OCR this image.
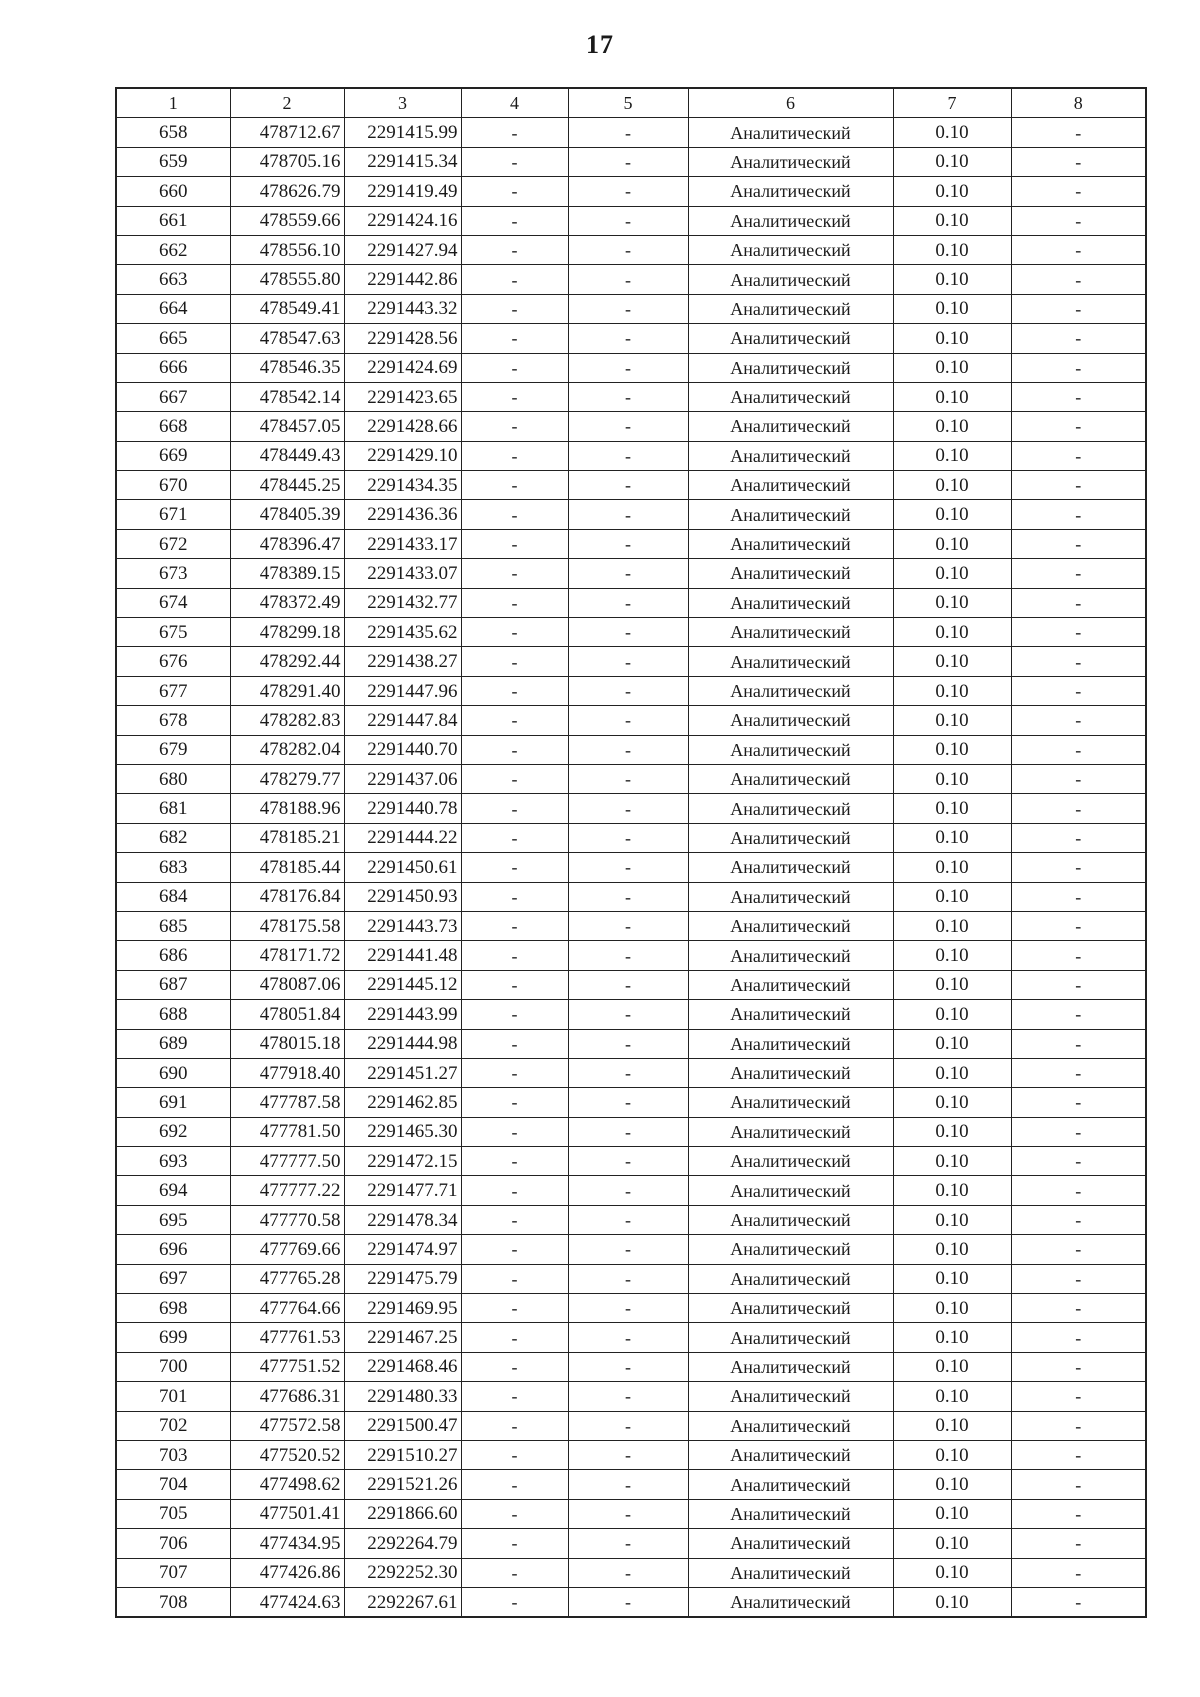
17
1	2	3	4	5	6	7	8
658	478712.67	2291415.99	-	-	Аналитический	0.10	-
659	478705.16	2291415.34	-	-	Аналитический	0.10	-
660	478626.79	2291419.49	-	-	Аналитический	0.10	-
661	478559.66	2291424.16	-	-	Аналитический	0.10	-
662	478556.10	2291427.94	-	-	Аналитический	0.10	-
663	478555.80	2291442.86	-	-	Аналитический	0.10	-
664	478549.41	2291443.32	-	-	Аналитический	0.10	-
665	478547.63	2291428.56	-	-	Аналитический	0.10	-
666	478546.35	2291424.69	-	-	Аналитический	0.10	-
667	478542.14	2291423.65	-	-	Аналитический	0.10	-
668	478457.05	2291428.66	-	-	Аналитический	0.10	-
669	478449.43	2291429.10	-	-	Аналитический	0.10	-
670	478445.25	2291434.35	-	-	Аналитический	0.10	-
671	478405.39	2291436.36	-	-	Аналитический	0.10	-
672	478396.47	2291433.17	-	-	Аналитический	0.10	-
673	478389.15	2291433.07	-	-	Аналитический	0.10	-
674	478372.49	2291432.77	-	-	Аналитический	0.10	-
675	478299.18	2291435.62	-	-	Аналитический	0.10	-
676	478292.44	2291438.27	-	-	Аналитический	0.10	-
677	478291.40	2291447.96	-	-	Аналитический	0.10	-
678	478282.83	2291447.84	-	-	Аналитический	0.10	-
679	478282.04	2291440.70	-	-	Аналитический	0.10	-
680	478279.77	2291437.06	-	-	Аналитический	0.10	-
681	478188.96	2291440.78	-	-	Аналитический	0.10	-
682	478185.21	2291444.22	-	-	Аналитический	0.10	-
683	478185.44	2291450.61	-	-	Аналитический	0.10	-
684	478176.84	2291450.93	-	-	Аналитический	0.10	-
685	478175.58	2291443.73	-	-	Аналитический	0.10	-
686	478171.72	2291441.48	-	-	Аналитический	0.10	-
687	478087.06	2291445.12	-	-	Аналитический	0.10	-
688	478051.84	2291443.99	-	-	Аналитический	0.10	-
689	478015.18	2291444.98	-	-	Аналитический	0.10	-
690	477918.40	2291451.27	-	-	Аналитический	0.10	-
691	477787.58	2291462.85	-	-	Аналитический	0.10	-
692	477781.50	2291465.30	-	-	Аналитический	0.10	-
693	477777.50	2291472.15	-	-	Аналитический	0.10	-
694	477777.22	2291477.71	-	-	Аналитический	0.10	-
695	477770.58	2291478.34	-	-	Аналитический	0.10	-
696	477769.66	2291474.97	-	-	Аналитический	0.10	-
697	477765.28	2291475.79	-	-	Аналитический	0.10	-
698	477764.66	2291469.95	-	-	Аналитический	0.10	-
699	477761.53	2291467.25	-	-	Аналитический	0.10	-
700	477751.52	2291468.46	-	-	Аналитический	0.10	-
701	477686.31	2291480.33	-	-	Аналитический	0.10	-
702	477572.58	2291500.47	-	-	Аналитический	0.10	-
703	477520.52	2291510.27	-	-	Аналитический	0.10	-
704	477498.62	2291521.26	-	-	Аналитический	0.10	-
705	477501.41	2291866.60	-	-	Аналитический	0.10	-
706	477434.95	2292264.79	-	-	Аналитический	0.10	-
707	477426.86	2292252.30	-	-	Аналитический	0.10	-
708	477424.63	2292267.61	-	-	Аналитический	0.10	-
